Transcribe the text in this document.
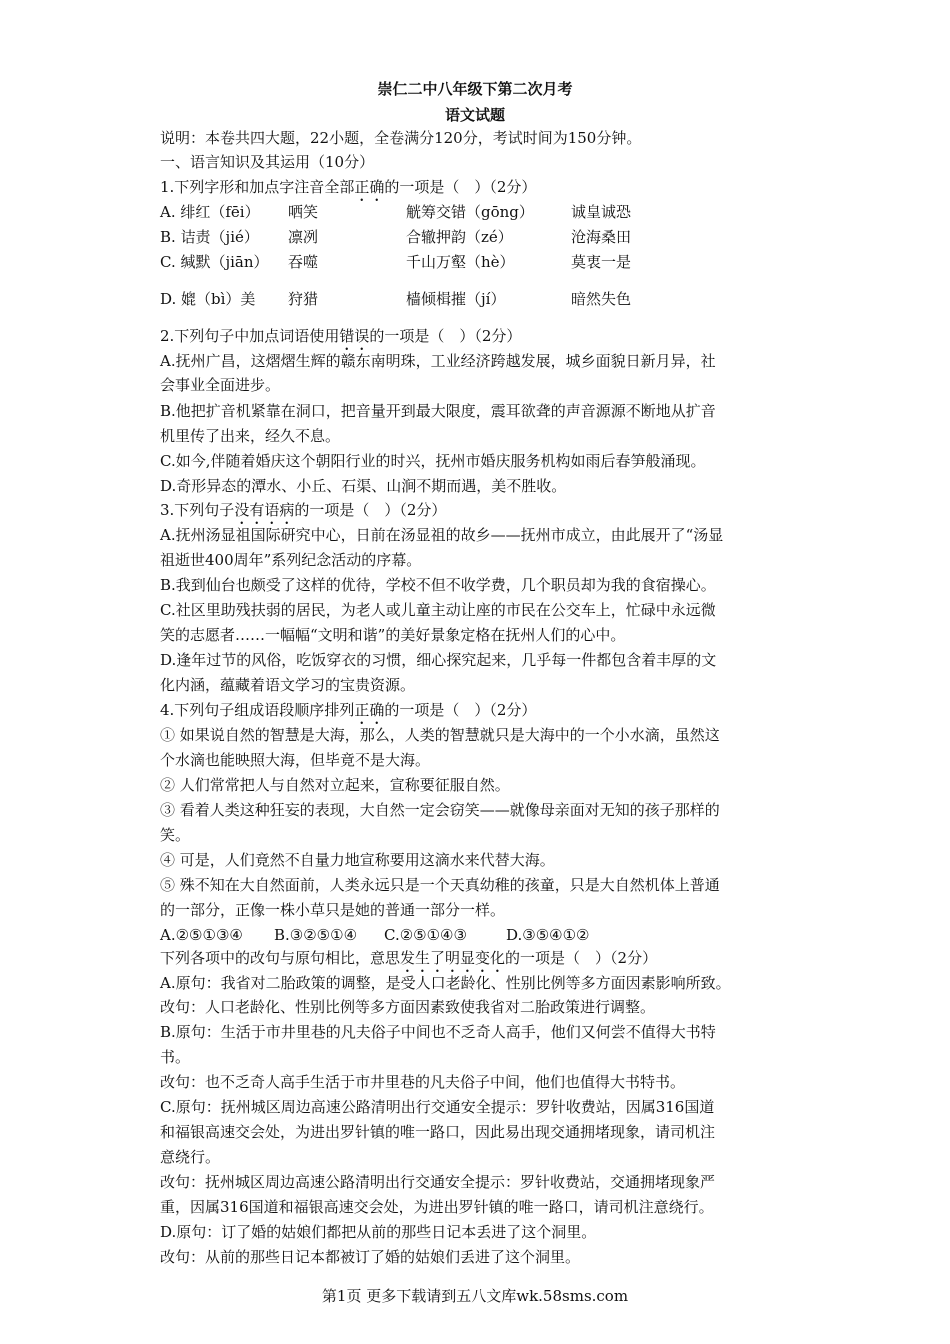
崇仁二中八年级下第二次月考
语文试题
说明：本卷共四大题，22小题，全卷满分120分，考试时间为150分钟。
一、语言知识及其运用（10分）
1.下列字形和加点字注音全部正确的一项是（　）（2分）
A. 绯红（fēi） 哂笑	觥筹交错（gōng） 诚皇诚恐
B. 诘责（jié） 凛冽	合辙押韵（zé）	沧海桑田
C. 缄默（jiān） 吞噬	千山万壑（hè）	莫衷一是
D. 媲（bì）美 狩猎	樯倾楫摧（jí）	暗然失色
2.下列句子中加点词语使用错误的一项是（　）（2分）
A.抚州广昌，这熠熠生辉的赣东南明珠，工业经济跨越发展，城乡面貌日新月异，社
会事业全面进步。
B.他把扩音机紧靠在洞口，把音量开到最大限度，震耳欲聋的声音源源不断地从扩音
机里传了出来，经久不息。
C.如今,伴随着婚庆这个朝阳行业的时兴，抚州市婚庆服务机构如雨后春笋般涌现。
D.奇形异态的潭水、小丘、石渠、山涧不期而遇，美不胜收。
3.下列句子没有语病的一项是（　）（2分）
A.抚州汤显祖国际研究中心，日前在汤显祖的故乡——抚州市成立，由此展开了“汤显
祖逝世400周年”系列纪念活动的序幕。
B.我到仙台也颇受了这样的优待，学校不但不收学费，几个职员却为我的食宿操心。
C.社区里助残扶弱的居民，为老人或儿童主动让座的市民在公交车上，忙碌中永远微
笑的志愿者……一幅幅“文明和谐”的美好景象定格在抚州人们的心中。
D.逢年过节的风俗，吃饭穿衣的习惯，细心探究起来，几乎每一件都包含着丰厚的文
化内涵，蕴藏着语文学习的宝贵资源。
4.下列句子组成语段顺序排列正确的一项是（　）（2分）
① 如果说自然的智慧是大海，那么，人类的智慧就只是大海中的一个小水滴，虽然这
个水滴也能映照大海，但毕竟不是大海。
② 人们常常把人与自然对立起来，宣称要征服自然。
③ 看着人类这种狂妄的表现，大自然一定会窃笑——就像母亲面对无知的孩子那样的
笑。
④ 可是，人们竟然不自量力地宣称要用这滴水来代替大海。
⑤ 殊不知在大自然面前，人类永远只是一个天真幼稚的孩童，只是大自然机体上普通
的一部分，正像一株小草只是她的普通一部分一样。
A.②⑤①③④ B.③②⑤①④ C.②⑤①④③	D.③⑤④①②
下列各项中的改句与原句相比，意思发生了明显变化的一项是（　）（2分）
A.原句：我省对二胎政策的调整，是受人口老龄化、性别比例等多方面因素影响所致。
改句：人口老龄化、性别比例等多方面因素致使我省对二胎政策进行调整。
B.原句：生活于市井里巷的凡夫俗子中间也不乏奇人高手，他们又何尝不值得大书特
书。
改句：也不乏奇人高手生活于市井里巷的凡夫俗子中间，他们也值得大书特书。
C.原句：抚州城区周边高速公路清明出行交通安全提示：罗针收费站，因属316国道
和福银高速交会处，为进出罗针镇的唯一路口，因此易出现交通拥堵现象，请司机注
意绕行。
改句：抚州城区周边高速公路清明出行交通安全提示：罗针收费站，交通拥堵现象严
重，因属316国道和福银高速交会处，为进出罗针镇的唯一路口，请司机注意绕行。
D.原句：订了婚的姑娘们都把从前的那些日记本丢进了这个洞里。
改句：从前的那些日记本都被订了婚的姑娘们丢进了这个洞里。
第1页 更多下载请到五八文库wk.58sms.com
